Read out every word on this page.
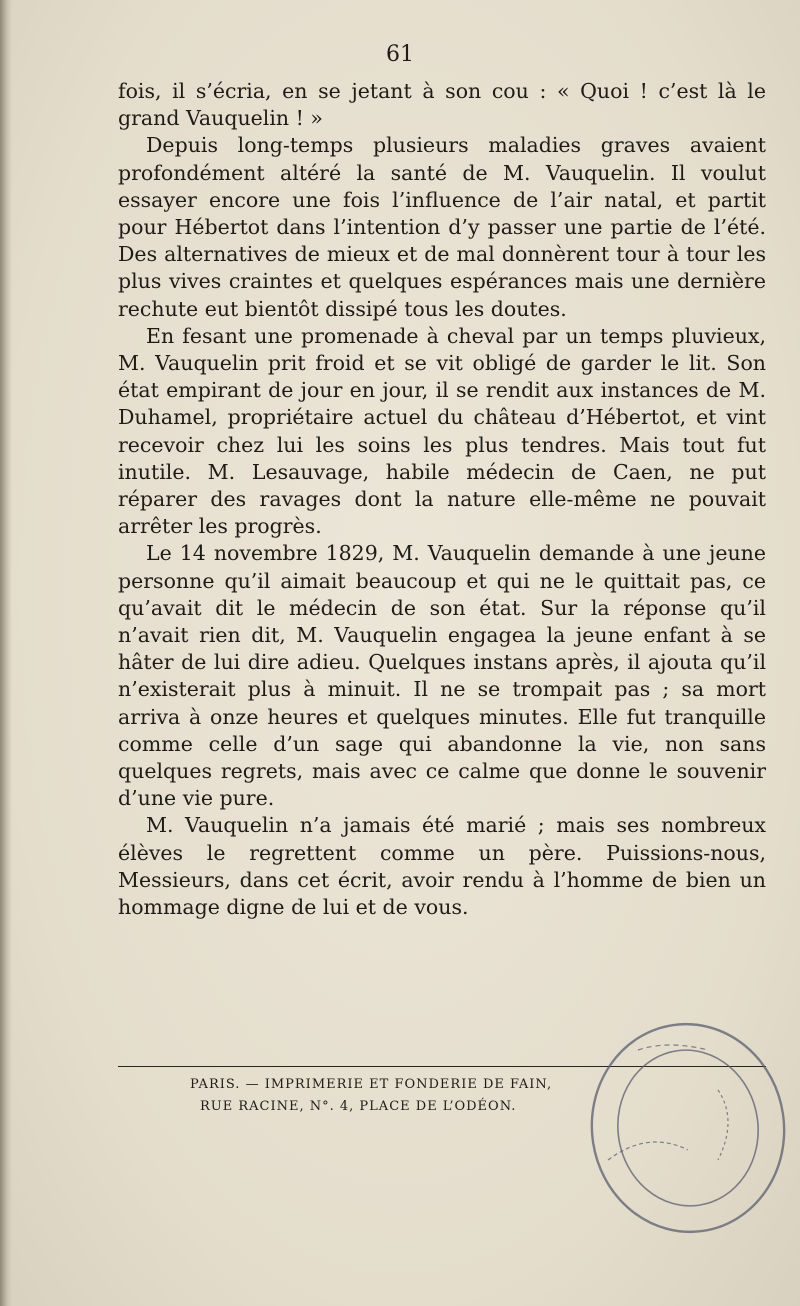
61

fois, il s’écria, en se jetant à son cou : « Quoi ! c’est là le grand Vauquelin ! »

Depuis long-temps plusieurs maladies graves avaient profondément altéré la santé de M. Vauquelin. Il voulut essayer encore une fois l’influence de l’air natal, et partit pour Hébertot dans l’intention d’y passer une partie de l’été. Des alternatives de mieux et de mal donnèrent tour à tour les plus vives craintes et quelques espérances mais une dernière rechute eut bientôt dissipé tous les doutes.

En fesant une promenade à cheval par un temps pluvieux, M. Vauquelin prit froid et se vit obligé de garder le lit. Son état empirant de jour en jour, il se rendit aux instances de M. Duhamel, propriétaire actuel du château d’Hébertot, et vint recevoir chez lui les soins les plus tendres. Mais tout fut inutile. M. Lesauvage, habile médecin de Caen, ne put réparer des ravages dont la nature elle-même ne pouvait arrêter les progrès.

Le 14 novembre 1829, M. Vauquelin demande à une jeune personne qu’il aimait beaucoup et qui ne le quittait pas, ce qu’avait dit le médecin de son état. Sur la réponse qu’il n’avait rien dit, M. Vauquelin engagea la jeune enfant à se hâter de lui dire adieu. Quelques instans après, il ajouta qu’il n’existerait plus à minuit. Il ne se trompait pas ; sa mort arriva à onze heures et quelques minutes. Elle fut tranquille comme celle d’un sage qui abandonne la vie, non sans quelques regrets, mais avec ce calme que donne le souvenir d’une vie pure.

M. Vauquelin n’a jamais été marié ; mais ses nombreux élèves le regrettent comme un père. Puissions-nous, Messieurs, dans cet écrit, avoir rendu à l’homme de bien un hommage digne de lui et de vous.

PARIS. — IMPRIMERIE ET FONDERIE DE FAIN,
RUE RACINE, N°. 4, PLACE DE L’ODÉON.
